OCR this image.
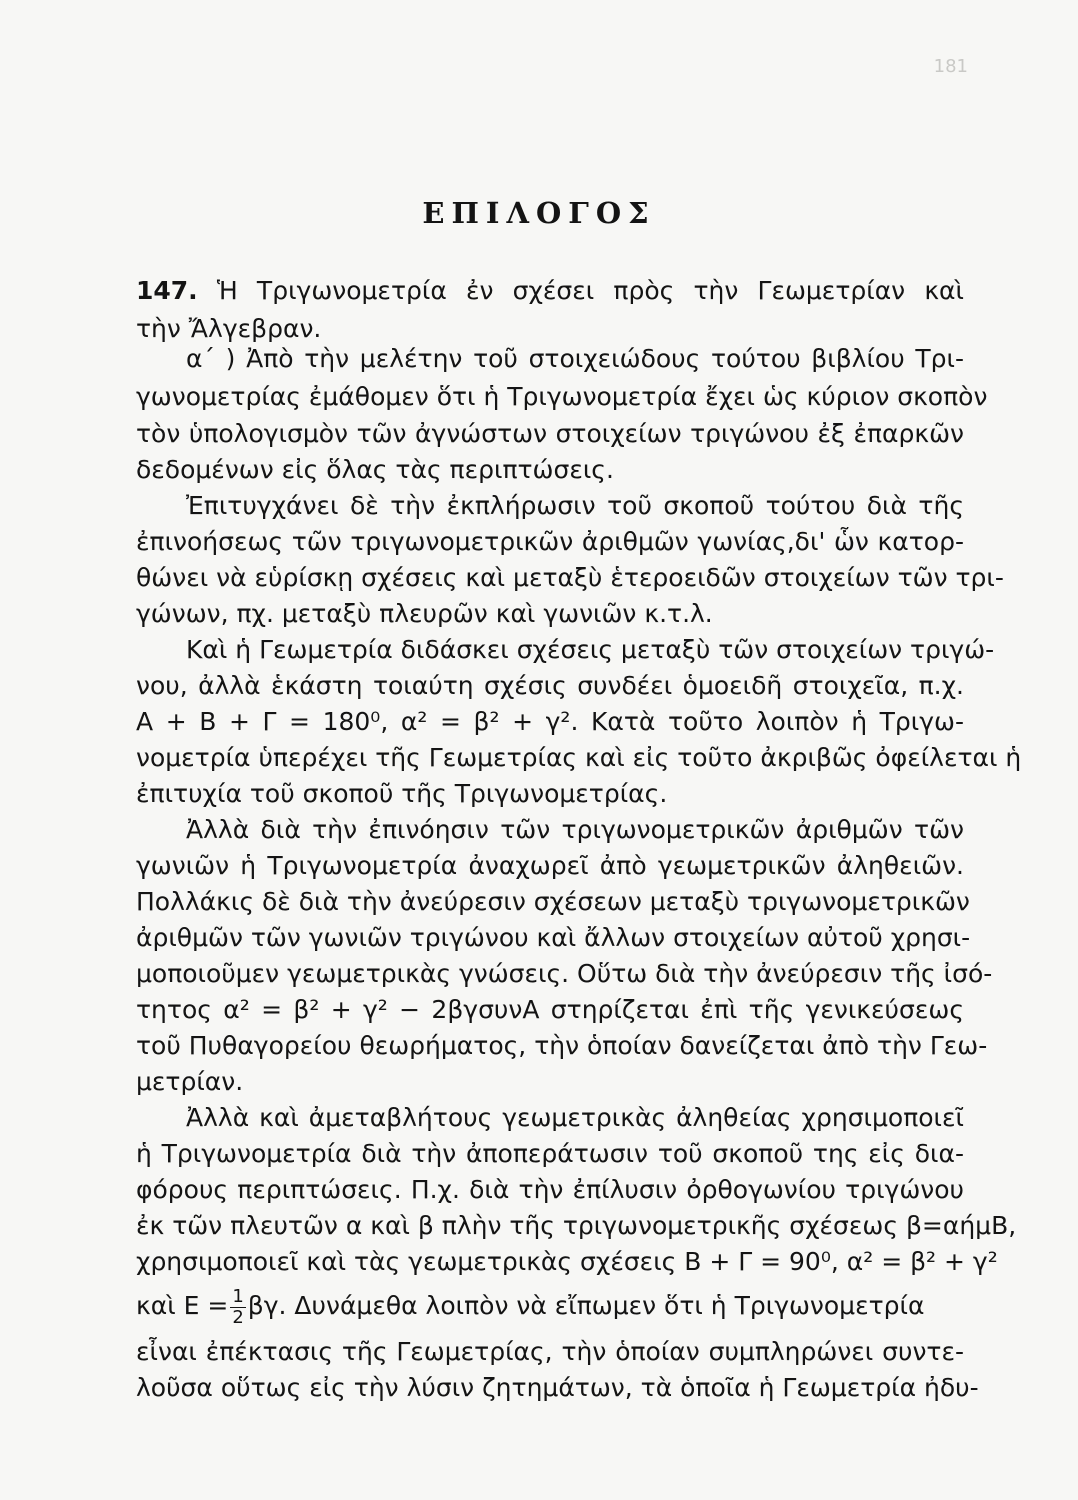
181
ΕΠΙΛΟΓΟΣ
147. Ἡ Τριγωνομετρία ἐν σχέσει πρὸς τὴν Γεωμετρίαν καὶ
τὴν Ἄλγεβραν.
α΄ ) Ἀπὸ τὴν μελέτην τοῦ στοιχειώδους τούτου βιβλίου Τρι-
γωνομετρίας ἐμάθομεν ὅτι ἡ Τριγωνομετρία ἔχει ὡς κύριον σκοπὸν
τὸν ὑπολογισμὸν τῶν ἀγνώστων στοιχείων τριγώνου ἐξ ἐπαρκῶν
δεδομένων εἰς ὅλας τὰς περιπτώσεις.
Ἐπιτυγχάνει δὲ τὴν ἐκπλήρωσιν τοῦ σκοποῦ τούτου διὰ τῆς
ἐπινοήσεως τῶν τριγωνομετρικῶν ἀριθμῶν γωνίας,δι' ὧν κατορ-
θώνει νὰ εὑρίσκῃ σχέσεις καὶ μεταξὺ ἑτεροειδῶν στοιχείων τῶν τρι-
γώνων, πχ. μεταξὺ πλευρῶν καὶ γωνιῶν κ.τ.λ.
Καὶ ἡ Γεωμετρία διδάσκει σχέσεις μεταξὺ τῶν στοιχείων τριγώ-
νου, ἀλλὰ ἑκάστη τοιαύτη σχέσις συνδέει ὁμοειδῆ στοιχεῖα, π.χ.
Α + Β + Γ = 180⁰, α² = β² + γ². Κατὰ τοῦτο λοιπὸν ἡ Τριγω-
νομετρία ὑπερέχει τῆς Γεωμετρίας καὶ εἰς τοῦτο ἀκριβῶς ὀφείλεται ἡ
ἐπιτυχία τοῦ σκοποῦ τῆς Τριγωνομετρίας.
Ἀλλὰ διὰ τὴν ἐπινόησιν τῶν τριγωνομετρικῶν ἀριθμῶν τῶν
γωνιῶν ἡ Τριγωνομετρία ἀναχωρεῖ ἀπὸ γεωμετρικῶν ἀληθειῶν.
Πολλάκις δὲ διὰ τὴν ἀνεύρεσιν σχέσεων μεταξὺ τριγωνομετρικῶν
ἀριθμῶν τῶν γωνιῶν τριγώνου καὶ ἄλλων στοιχείων αὐτοῦ χρησι-
μοποιοῦμεν γεωμετρικὰς γνώσεις. Οὕτω διὰ τὴν ἀνεύρεσιν τῆς ἰσό-
τητος α² = β² + γ² − 2βγσυνΑ στηρίζεται ἐπὶ τῆς γενικεύσεως
τοῦ Πυθαγορείου θεωρήματος, τὴν ὁποίαν δανείζεται ἀπὸ τὴν Γεω-
μετρίαν.
Ἀλλὰ καὶ ἀμεταβλήτους γεωμετρικὰς ἀληθείας χρησιμοποιεῖ
ἡ Τριγωνομετρία διὰ τὴν ἀποπεράτωσιν τοῦ σκοποῦ της εἰς δια-
φόρους περιπτώσεις. Π.χ. διὰ τὴν ἐπίλυσιν ὀρθογωνίου τριγώνου
ἐκ τῶν πλευτῶν α καὶ β πλὴν τῆς τριγωνομετρικῆς σχέσεως β=αήμΒ,
χρησιμοποιεῖ καὶ τὰς γεωμετρικὰς σχέσεις Β + Γ = 90⁰, α² = β² + γ²
καὶ $E = \frac{1}{2} \beta\gamma$. Δυνάμεθα λοιπὸν νὰ εἴπωμεν ὅτι ἡ Τριγωνομετρία
εἶναι ἐπέκτασις τῆς Γεωμετρίας, τὴν ὁποίαν συμπληρώνει συντε-
λοῦσα οὕτως εἰς τὴν λύσιν ζητημάτων, τὰ ὁποῖα ἡ Γεωμετρία ἠδυ-
